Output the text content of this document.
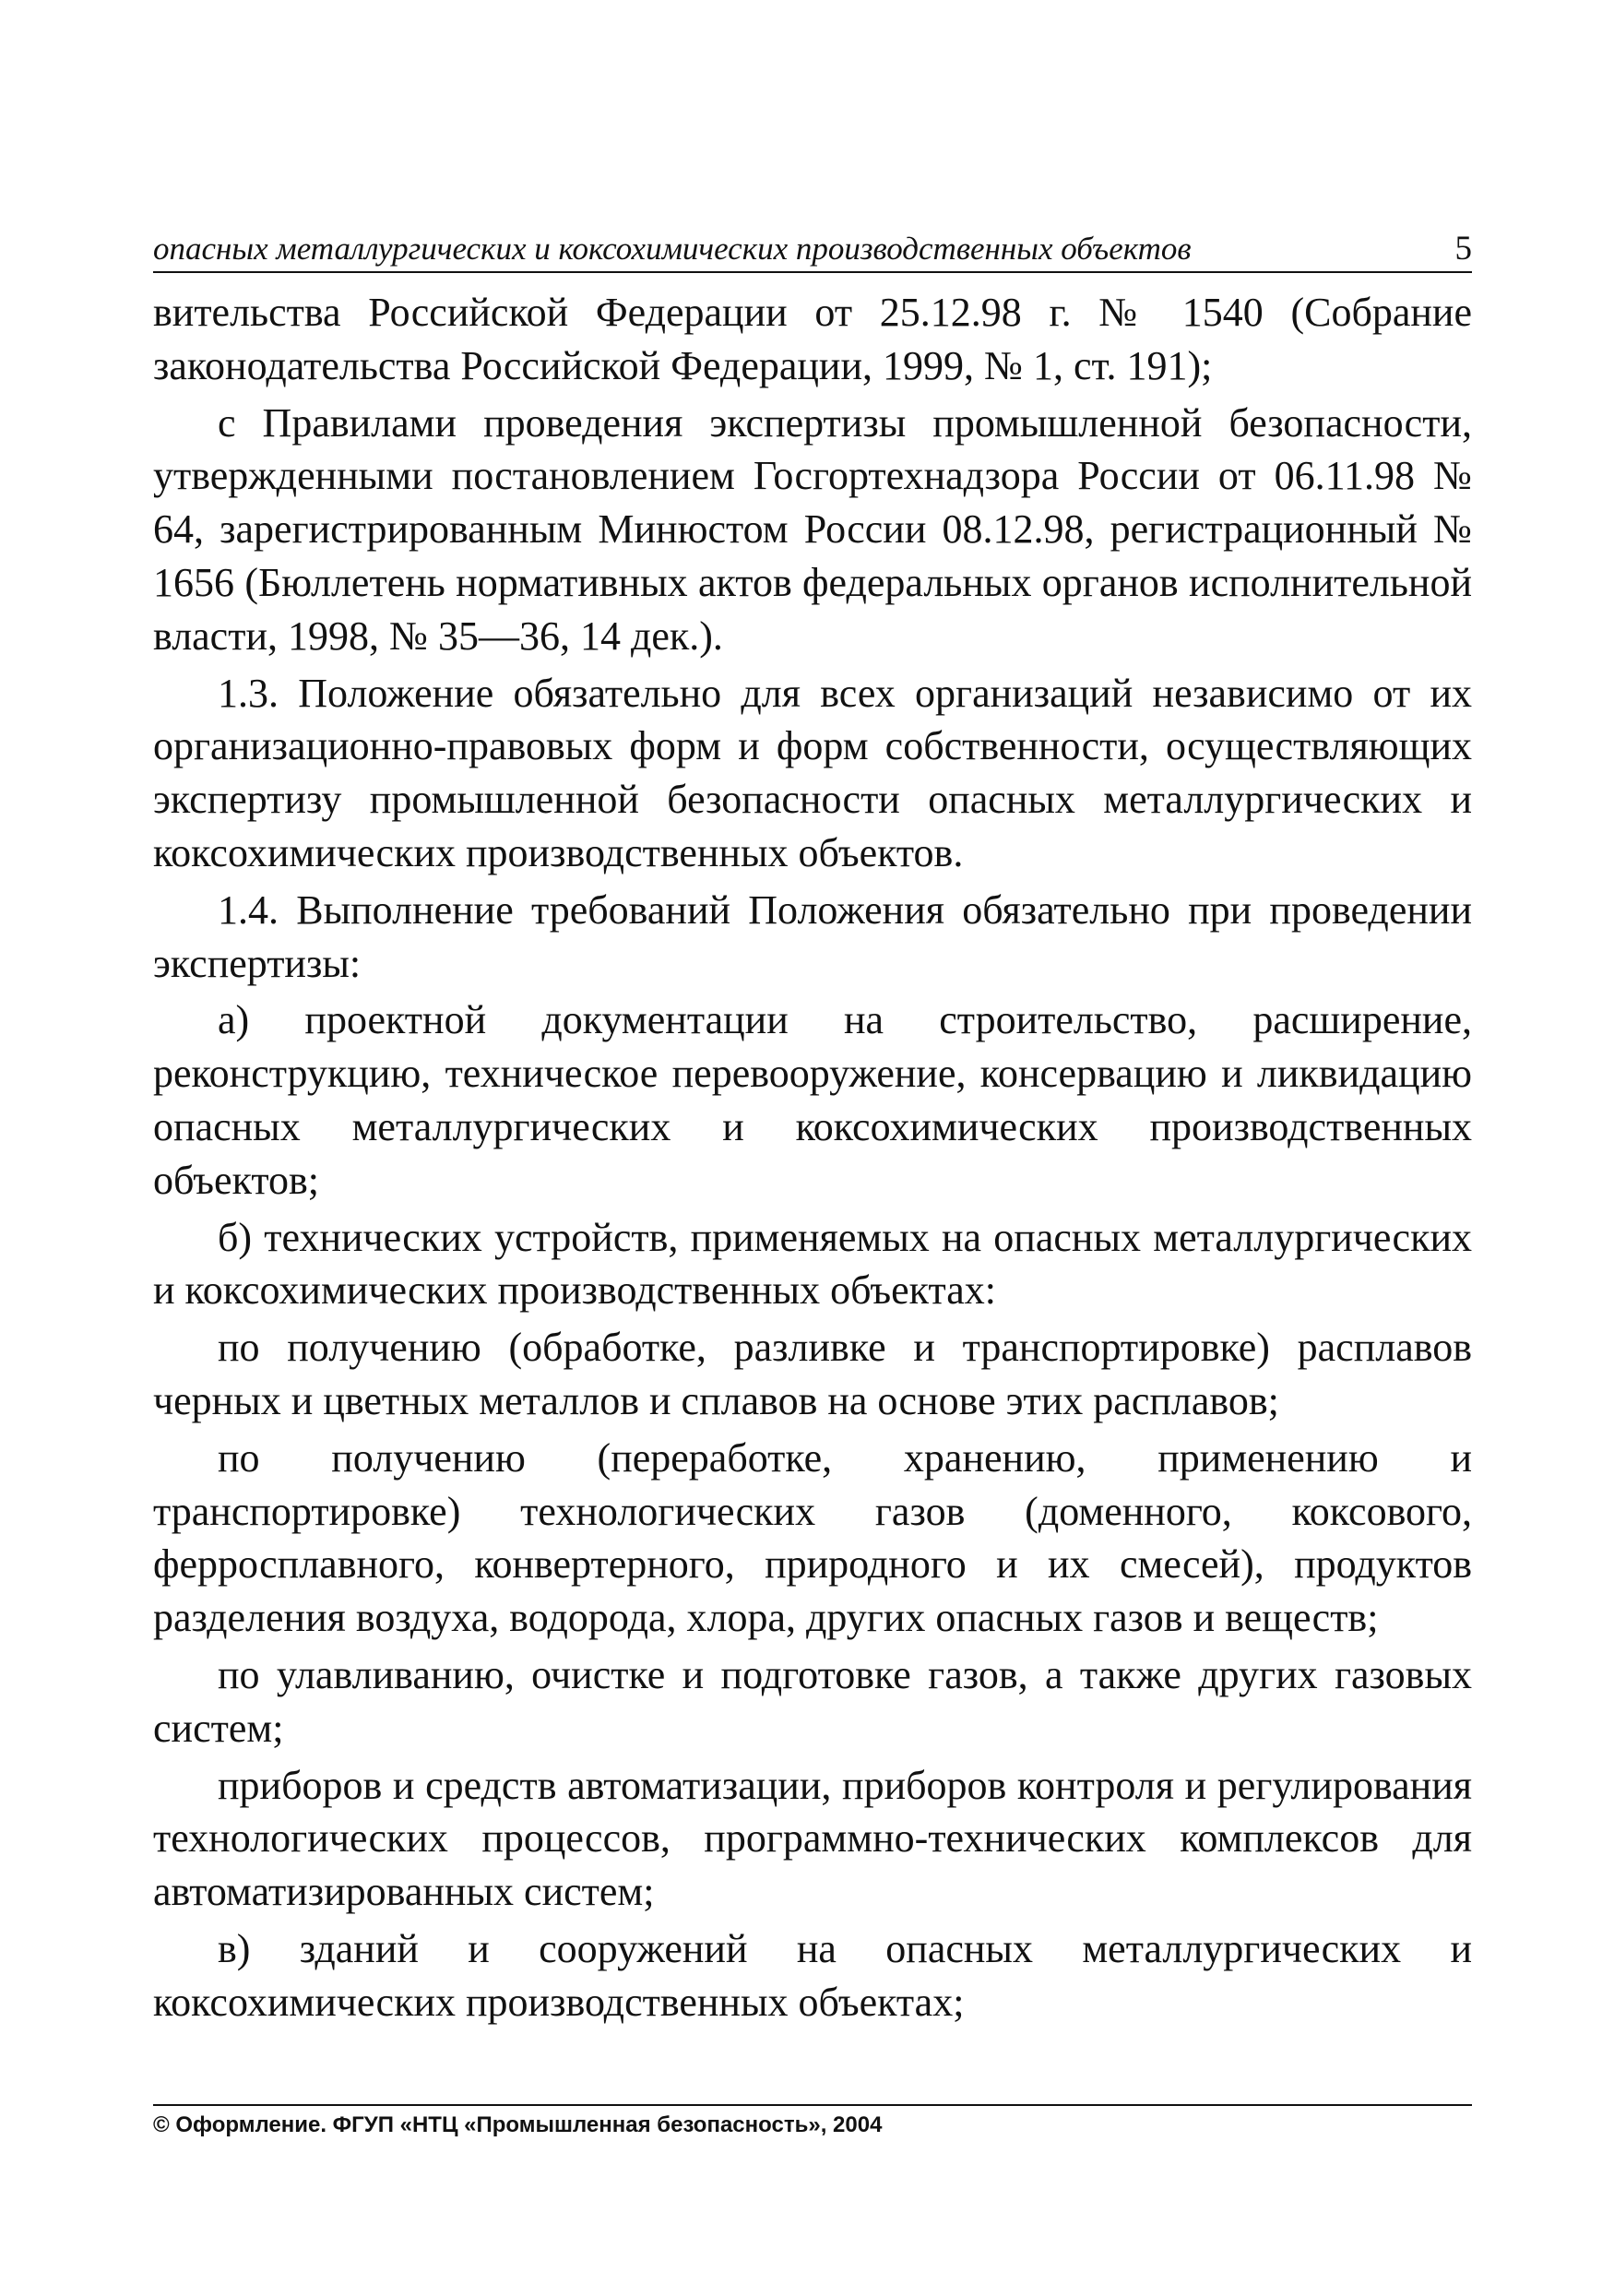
опасных металлургических и коксохимических производственных объектов	5

вительства Российской Федерации от 25.12.98 г. № 1540 (Собрание законодательства Российской Федерации, 1999, № 1, ст. 191);

с Правилами проведения экспертизы промышленной безопасности, утвержденными постановлением Госгортехнадзора России от 06.11.98 № 64, зарегистрированным Минюстом России 08.12.98, регистрационный № 1656 (Бюллетень нормативных актов федеральных органов исполнительной власти, 1998, № 35—36, 14 дек.).

1.3. Положение обязательно для всех организаций независимо от их организационно-правовых форм и форм собственности, осуществляющих экспертизу промышленной безопасности опасных металлургических и коксохимических производственных объектов.

1.4. Выполнение требований Положения обязательно при проведении экспертизы:

а) проектной документации на строительство, расширение, реконструкцию, техническое перевооружение, консервацию и ликвидацию опасных металлургических и коксохимических производственных объектов;

б) технических устройств, применяемых на опасных металлургических и коксохимических производственных объектах:

по получению (обработке, разливке и транспортировке) расплавов черных и цветных металлов и сплавов на основе этих расплавов;

по получению (переработке, хранению, применению и транспортировке) технологических газов (доменного, коксового, ферросплавного, конвертерного, природного и их смесей), продуктов разделения воздуха, водорода, хлора, других опасных газов и веществ;

по улавливанию, очистке и подготовке газов, а также других газовых систем;

приборов и средств автоматизации, приборов контроля и регулирования технологических процессов, программно-технических комплексов для автоматизированных систем;

в) зданий и сооружений на опасных металлургических и коксохимических производственных объектах;

© Оформление. ФГУП «НТЦ «Промышленная безопасность», 2004
